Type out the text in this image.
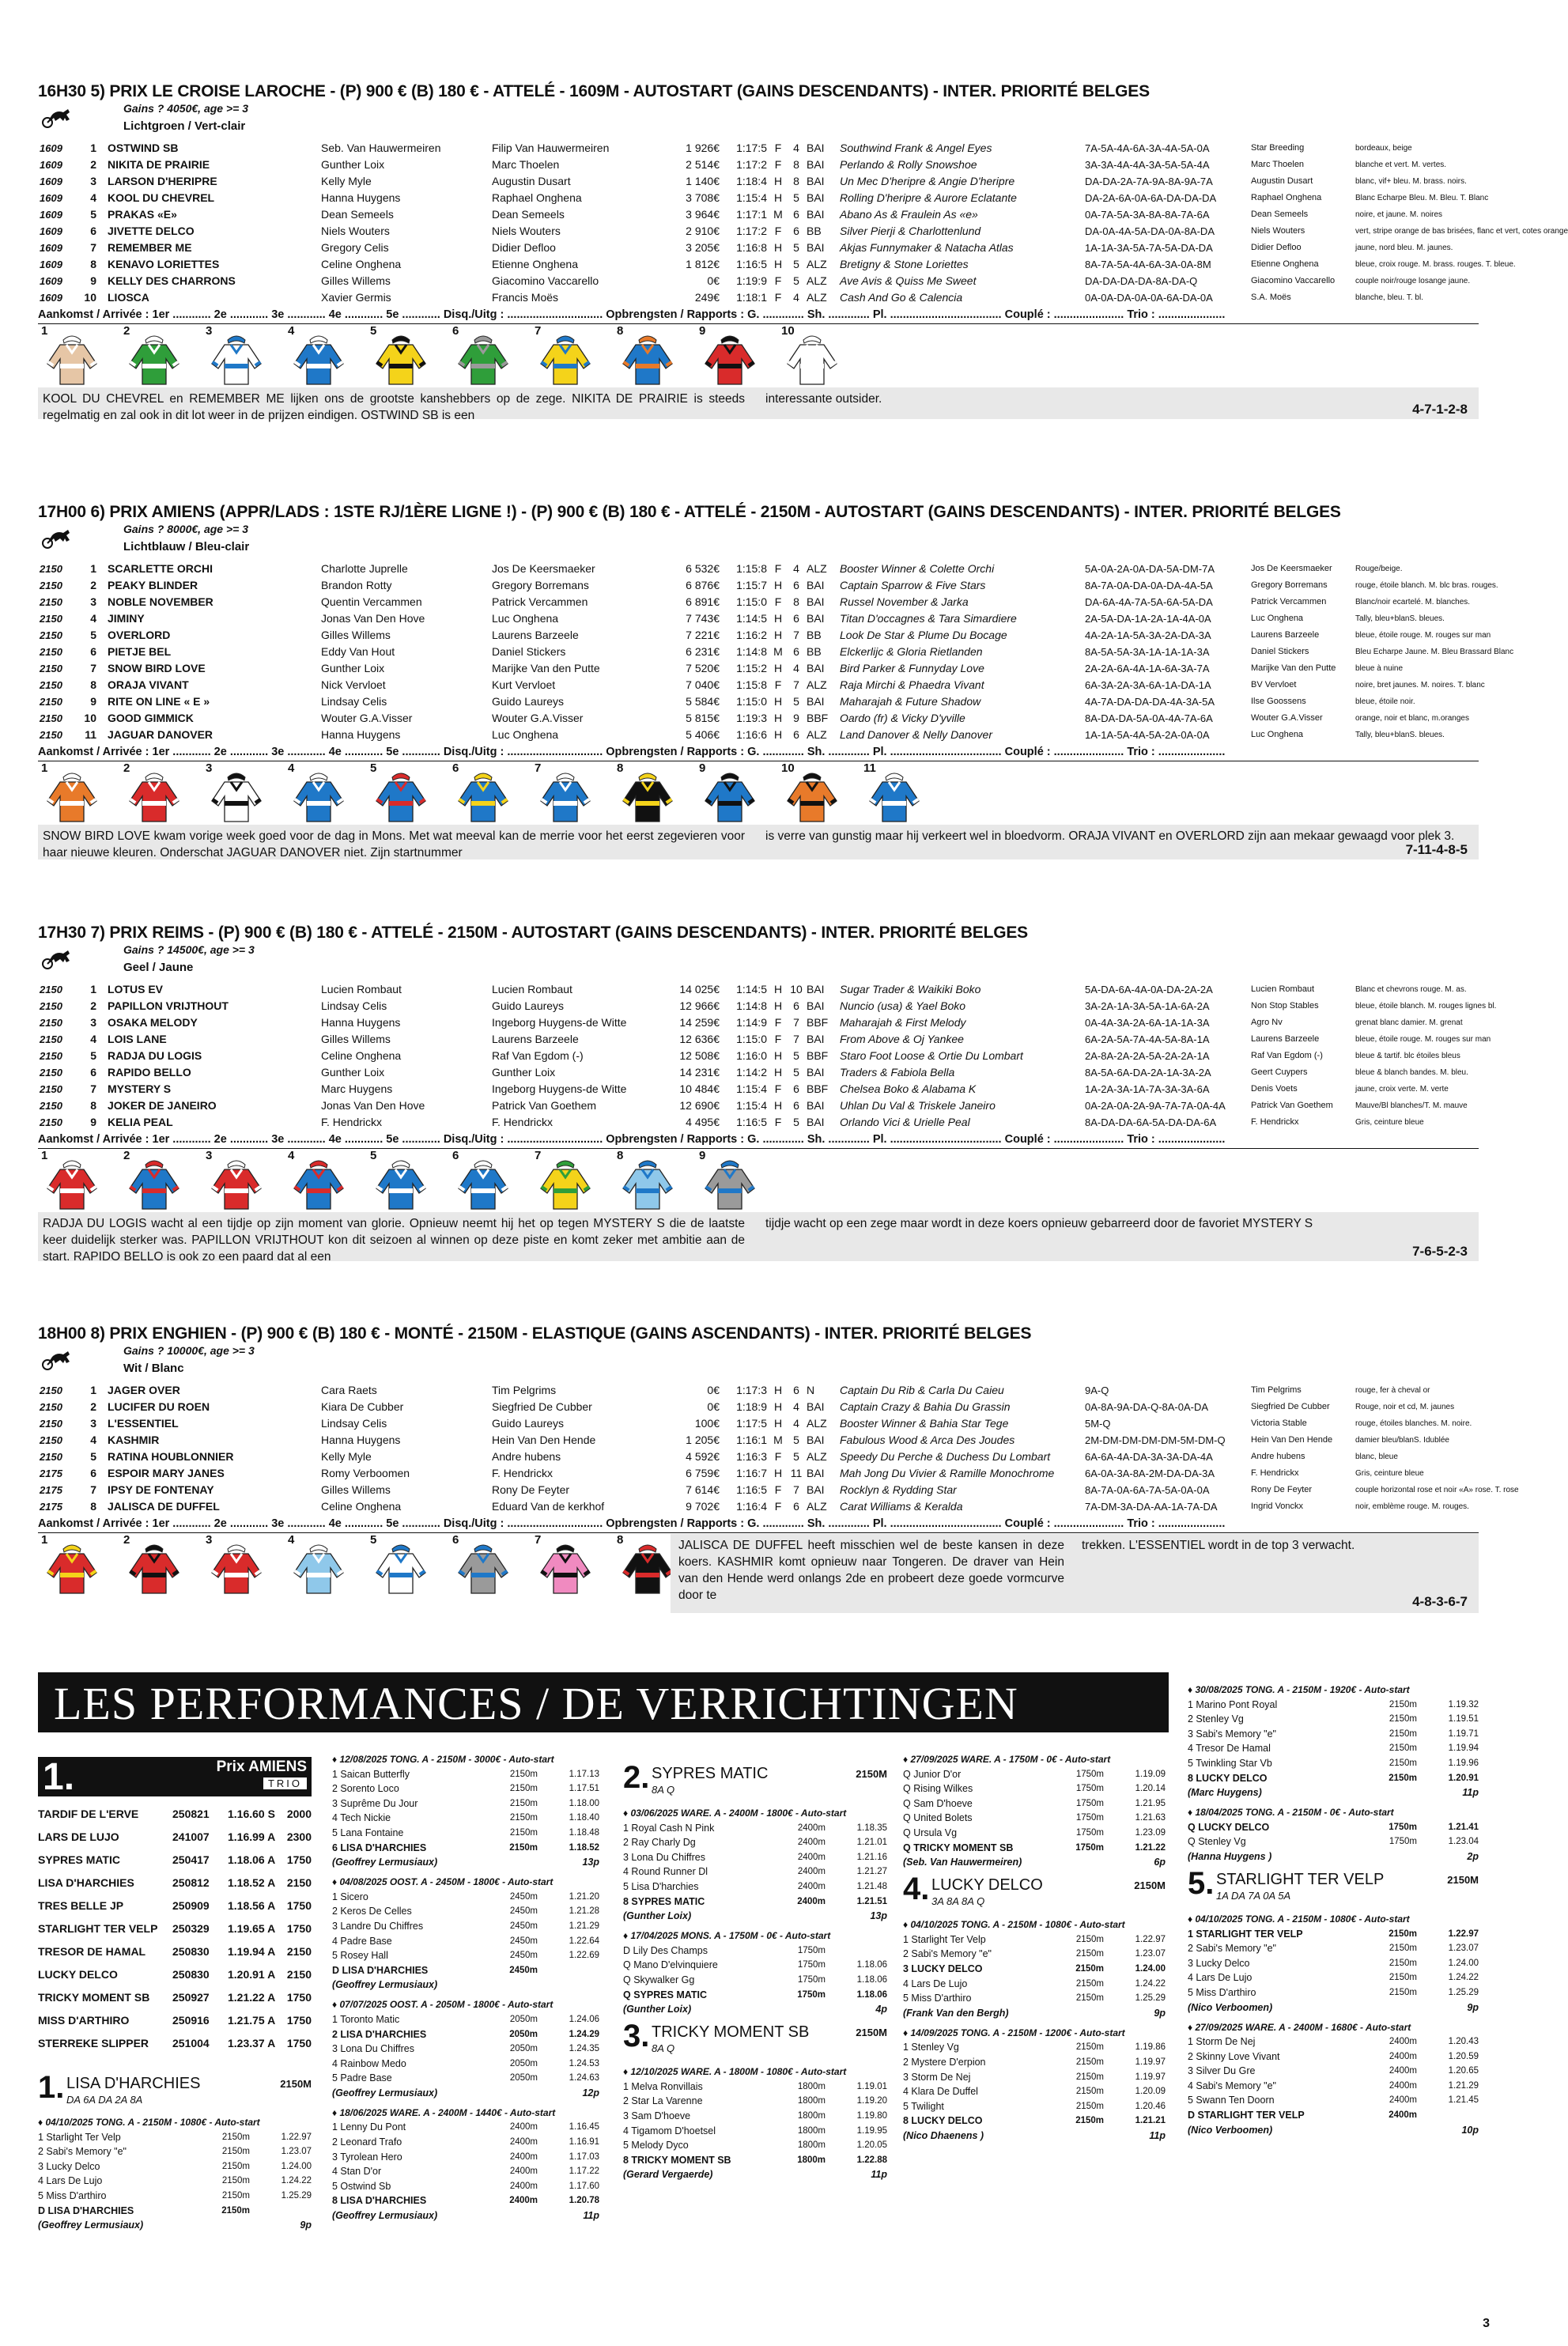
16H30 5) PRIX LE CROISE LAROCHE - (P) 900 € (B) 180 € - ATTELÉ - 1609M - AUTOSTART (GAINS DESCENDANTS) - INTER. PRIORITÉ BELGES
Gains ? 4050€, age >= 3
Lichtgroen / Vert-clair
1609	1	OSTWIND SB	Seb. Van Hauwermeiren	Filip Van Hauwermeiren	1 926€	1:17:5	F	4	BAI	Southwind Frank & Angel Eyes	7A-5A-4A-6A-3A-4A-5A-0A	Star Breeding	bordeaux, beige
1609	2	NIKITA DE PRAIRIE	Gunther Loix	Marc Thoelen	2 514€	1:17:2	F	8	BAI	Perlando & Rolly Snowshoe	3A-3A-4A-4A-3A-5A-5A-4A	Marc Thoelen	blanche et vert. M. vertes.
1609	3	LARSON D'HERIPRE	Kelly Myle	Augustin Dusart	1 140€	1:18:4	H	8	BAI	Un Mec D'heripre & Angie D'heripre	DA-DA-2A-7A-9A-8A-9A-7A	Augustin Dusart	blanc, vif+ bleu. M. brass. noirs.
1609	4	KOOL DU CHEVREL	Hanna Huygens	Raphael Onghena	3 708€	1:15:4	H	5	BAI	Rolling D'heripre & Aurore Eclatante	DA-2A-6A-0A-6A-DA-DA-DA	Raphael Onghena	Blanc Echarpe Bleu. M. Bleu. T. Blanc
1609	5	PRAKAS «E»	Dean Semeels	Dean Semeels	3 964€	1:17:1	M	6	BAI	Abano As & Fraulein As «e»	0A-7A-5A-3A-8A-8A-7A-6A	Dean Semeels	noire, et jaune. M. noires
1609	6	JIVETTE DELCO	Niels Wouters	Niels Wouters	2 910€	1:17:2	F	6	BB	Silver Pierji & Charlottenlund	DA-0A-4A-5A-DA-0A-8A-DA	Niels Wouters	vert, stripe orange de bas brisées, flanc et vert, cotes orange
1609	7	REMEMBER ME	Gregory Celis	Didier Defloo	3 205€	1:16:8	H	5	BAI	Akjas Funnymaker & Natacha Atlas	1A-1A-3A-5A-7A-5A-DA-DA	Didier Defloo	jaune, nord bleu. M. jaunes.
1609	8	KENAVO LORIETTES	Celine Onghena	Etienne Onghena	1 812€	1:16:5	H	5	ALZ	Bretigny & Stone Loriettes	8A-7A-5A-4A-6A-3A-0A-8M	Etienne Onghena	bleue, croix rouge. M. brass. rouges. T. bleue.
1609	9	KELLY DES CHARRONS	Gilles Willems	Giacomino Vaccarello	0€	1:19:9	F	5	ALZ	Ave Avis & Quiss Me Sweet	DA-DA-DA-DA-8A-DA-Q	Giacomino Vaccarello	couple noir/rouge losange jaune.
1609	10	LIOSCA	Xavier Germis	Francis Moës	249€	1:18:1	F	4	ALZ	Cash And Go & Calencia	0A-0A-DA-0A-0A-6A-DA-0A	S.A. Moës	blanche, bleu. T. bl.
Aankomst / Arrivée : 1er ............ 2e ............ 3e ............ 4e ............ 5e ............ Disq./Uitg : .............................. Opbrengsten / Rapports : G. ............. Sh. ............. Pl. ................................... Couplé : ...................... Trio : .....................
1	2	3	4	5	6	7	8	9	10
KOOL DU CHEVREL en REMEMBER ME lijken ons de grootste kanshebbers op de zege. NIKITA DE PRAIRIE is steeds regelmatig en zal ook in dit lot weer in de prijzen eindigen. OSTWIND SB is een
interessante outsider.
4-7-1-2-8
17H00 6) PRIX AMIENS (APPR/LADS : 1STE RJ/1ÈRE LIGNE !) - (P) 900 € (B) 180 € - ATTELÉ - 2150M - AUTOSTART (GAINS DESCENDANTS) - INTER. PRIORITÉ BELGES
Gains ? 8000€, age >= 3
Lichtblauw / Bleu-clair
2150	1	SCARLETTE ORCHI	Charlotte Juprelle	Jos De Keersmaeker	6 532€	1:15:8	F	4	ALZ	Booster Winner & Colette Orchi	5A-0A-2A-0A-DA-5A-DM-7A	Jos De Keersmaeker	Rouge/beige.
2150	2	PEAKY BLINDER	Brandon Rotty	Gregory Borremans	6 876€	1:15:7	H	6	BAI	Captain Sparrow & Five Stars	8A-7A-0A-DA-0A-DA-4A-5A	Gregory Borremans	rouge, étoile blanch. M. blc bras. rouges.
2150	3	NOBLE NOVEMBER	Quentin Vercammen	Patrick Vercammen	6 891€	1:15:0	F	8	BAI	Russel November & Jarka	DA-6A-4A-7A-5A-6A-5A-DA	Patrick Vercammen	Blanc/noir ecartelé. M. blanches.
2150	4	JIMINY	Jonas Van Den Hove	Luc Onghena	7 743€	1:14:5	H	6	BAI	Titan D'occagnes & Tara Simardiere	2A-5A-DA-1A-2A-1A-4A-0A	Luc Onghena	Tally, bleu+blanS. bleues.
2150	5	OVERLORD	Gilles Willems	Laurens Barzeele	7 221€	1:16:2	H	7	BB	Look De Star & Plume Du Bocage	4A-2A-1A-5A-3A-2A-DA-3A	Laurens Barzeele	bleue, étoile rouge. M. rouges sur man
2150	6	PIETJE BEL	Eddy Van Hout	Daniel Stickers	6 231€	1:14:8	M	6	BB	Elckerlijc & Gloria Rietlanden	8A-5A-5A-3A-1A-1A-1A-3A	Daniel Stickers	Bleu Echarpe Jaune. M. Bleu Brassard Blanc
2150	7	SNOW BIRD LOVE	Gunther Loix	Marijke Van den Putte	7 520€	1:15:2	H	4	BAI	Bird Parker & Funnyday Love	2A-2A-6A-4A-1A-6A-3A-7A	Marijke Van den Putte	bleue à nuine
2150	8	ORAJA VIVANT	Nick Vervloet	Kurt Vervloet	7 040€	1:15:8	F	7	ALZ	Raja Mirchi & Phaedra Vivant	6A-3A-2A-3A-6A-1A-DA-1A	BV Vervloet	noire, bret jaunes. M. noires. T. blanc
2150	9	RITE ON LINE « E »	Lindsay Celis	Guido Laureys	5 584€	1:15:0	H	5	BAI	Maharajah & Future Shadow	4A-7A-DA-DA-DA-4A-3A-5A	Ilse Goossens	bleue, étoile noir.
2150	10	GOOD GIMMICK	Wouter G.A.Visser	Wouter G.A.Visser	5 815€	1:19:3	H	9	BBF	Oardo (fr) & Vicky D'yville	8A-DA-DA-5A-0A-4A-7A-6A	Wouter G.A.Visser	orange, noir et blanc, m.oranges
2150	11	JAGUAR DANOVER	Hanna Huygens	Luc Onghena	5 406€	1:16:6	H	6	ALZ	Land Danover & Nelly Danover	1A-1A-5A-4A-5A-2A-0A-0A	Luc Onghena	Tally, bleu+blanS. bleues.
Aankomst / Arrivée : 1er ............ 2e ............ 3e ............ 4e ............ 5e ............ Disq./Uitg : .............................. Opbrengsten / Rapports : G. ............. Sh. ............. Pl. ................................... Couplé : ...................... Trio : .....................
1	2	3	4	5	6	7	8	9	10	11
SNOW BIRD LOVE kwam vorige week goed voor de dag in Mons. Met wat meeval kan de merrie voor het eerst zegevieren voor haar nieuwe kleuren. Onderschat JAGUAR DANOVER niet. Zijn startnummer
is verre van gunstig maar hij verkeert wel in bloedvorm. ORAJA VIVANT en OVERLORD zijn aan mekaar gewaagd voor plek 3.
7-11-4-8-5
17H30 7) PRIX REIMS - (P) 900 € (B) 180 € - ATTELÉ - 2150M - AUTOSTART (GAINS DESCENDANTS) - INTER. PRIORITÉ BELGES
Gains ? 14500€, age >= 3
Geel / Jaune
2150	1	LOTUS EV	Lucien Rombaut	Lucien Rombaut	14 025€	1:14:5	H	10	BAI	Sugar Trader & Waikiki Boko	5A-DA-6A-4A-0A-DA-2A-2A	Lucien Rombaut	Blanc et chevrons rouge. M. as.
2150	2	PAPILLON VRIJTHOUT	Lindsay Celis	Guido Laureys	12 966€	1:14:8	H	6	BAI	Nuncio (usa) & Yael Boko	3A-2A-1A-3A-5A-1A-6A-2A	Non Stop Stables	bleue, étoile blanch. M. rouges lignes bl.
2150	3	OSAKA MELODY	Hanna Huygens	Ingeborg Huygens-de Witte	14 259€	1:14:9	F	7	BBF	Maharajah & First Melody	0A-4A-3A-2A-6A-1A-1A-3A	Agro Nv	grenat blanc damier. M. grenat
2150	4	LOIS LANE	Gilles Willems	Laurens Barzeele	12 636€	1:15:0	F	7	BAI	From Above & Oj Yankee	6A-2A-5A-7A-4A-5A-8A-1A	Laurens Barzeele	bleue, étoile rouge. M. rouges sur man
2150	5	RADJA DU LOGIS	Celine Onghena	Raf Van Egdom (-)	12 508€	1:16:0	H	5	BBF	Staro Foot Loose & Ortie Du Lombart	2A-8A-2A-2A-5A-2A-2A-1A	Raf Van Egdom (-)	bleue & tartif. blc étoiles bleus
2150	6	RAPIDO BELLO	Gunther Loix	Gunther Loix	14 231€	1:14:2	H	5	BAI	Traders & Fabiola Bella	8A-5A-6A-DA-2A-1A-3A-2A	Geert Cuypers	bleue & blanch bandes. M. bleu.
2150	7	MYSTERY S	Marc Huygens	Ingeborg Huygens-de Witte	10 484€	1:15:4	F	6	BBF	Chelsea Boko & Alabama K	1A-2A-3A-1A-7A-3A-3A-6A	Denis Voets	jaune, croix verte. M. verte
2150	8	JOKER DE JANEIRO	Jonas Van Den Hove	Patrick Van Goethem	12 690€	1:15:4	H	6	BAI	Uhlan Du Val & Triskele Janeiro	0A-2A-0A-2A-9A-7A-7A-0A-4A	Patrick Van Goethem	Mauve/Bl blanches/T. M. mauve
2150	9	KELIA PEAL	F. Hendrickx	F. Hendrickx	4 495€	1:16:5	F	5	BAI	Orlando Vici & Urielle Peal	8A-DA-DA-6A-5A-DA-DA-6A	F. Hendrickx	Gris, ceinture bleue
Aankomst / Arrivée : 1er ............ 2e ............ 3e ............ 4e ............ 5e ............ Disq./Uitg : .............................. Opbrengsten / Rapports : G. ............. Sh. ............. Pl. ................................... Couplé : ...................... Trio : .....................
1	2	3	4	5	6	7	8	9
RADJA DU LOGIS wacht al een tijdje op zijn moment van glorie. Opnieuw neemt hij het op tegen MYSTERY S die de laatste keer duidelijk sterker was. PAPILLON VRIJTHOUT kon dit seizoen al winnen op deze piste en komt zeker met ambitie aan de start. RAPIDO BELLO is ook zo een paard dat al een
tijdje wacht op een zege maar wordt in deze koers opnieuw gebarreerd door de favoriet MYSTERY S
7-6-5-2-3
18H00 8) PRIX ENGHIEN - (P) 900 € (B) 180 € - MONTÉ - 2150M - ELASTIQUE (GAINS ASCENDANTS) - INTER. PRIORITÉ BELGES
Gains ? 10000€, age >= 3
Wit / Blanc
2150	1	JAGER OVER	Cara Raets	Tim Pelgrims	0€	1:17:3	H	6	N	Captain Du Rib & Carla Du Caieu	9A-Q	Tim Pelgrims	rouge, fer à cheval or
2150	2	LUCIFER DU ROEN	Kiara De Cubber	Siegfried De Cubber	0€	1:18:9	H	4	BAI	Captain Crazy & Bahia Du Grassin	0A-8A-9A-DA-Q-8A-0A-DA	Siegfried De Cubber	Rouge, noir et cd, M. jaunes
2150	3	L'ESSENTIEL	Lindsay Celis	Guido Laureys	100€	1:17:5	H	4	ALZ	Booster Winner & Bahia Star Tege	5M-Q	Victoria Stable	rouge, étoiles blanches. M. noire.
2150	4	KASHMIR	Hanna Huygens	Hein Van Den Hende	1 205€	1:16:1	M	5	BAI	Fabulous Wood & Arca Des Joudes	2M-DM-DM-DM-DM-5M-DM-Q	Hein Van Den Hende	damier bleu/blanS. Idublée
2150	5	RATINA HOUBLONNIER	Kelly Myle	Andre hubens	4 592€	1:16:3	F	5	ALZ	Speedy Du Perche & Duchess Du Lombart	6A-6A-4A-DA-3A-3A-DA-4A	Andre hubens	blanc, bleue
2175	6	ESPOIR MARY JANES	Romy Verboomen	F. Hendrickx	6 759€	1:16:7	H	11	BAI	Mah Jong Du Vivier & Ramille Monochrome	6A-0A-3A-8A-2M-DA-DA-3A	F. Hendrickx	Gris, ceinture bleue
2175	7	IPSY DE FONTENAY	Gilles Willems	Rony De Feyter	7 614€	1:16:5	F	7	BAI	Rocklyn & Rydding Star	8A-7A-0A-6A-7A-5A-0A-0A	Rony De Feyter	couple horizontal rose et noir «A» rose. T. rose
2175	8	JALISCA DE DUFFEL	Celine Onghena	Eduard Van de kerkhof	9 702€	1:16:4	F	6	ALZ	Carat Williams & Keralda	7A-DM-3A-DA-AA-1A-7A-DA	Ingrid Vonckx	noir, emblème rouge. M. rouges.
Aankomst / Arrivée : 1er ............ 2e ............ 3e ............ 4e ............ 5e ............ Disq./Uitg : .............................. Opbrengsten / Rapports : G. ............. Sh. ............. Pl. ................................... Couplé : ...................... Trio : .....................
1	2	3	4	5	6	7	8	JALISCA DE DUFFEL heeft misschien wel de beste kansen in deze koers. KASHMIR komt opnieuw naar Tongeren. De draver van Hein van den Hende werd onlangs 2de en probeert deze goede vormcurve door te
trekken. L'ESSENTIEL wordt in de top 3 verwacht.
4-8-3-6-7
LES PERFORMANCES / DE VERRICHTINGEN
1.	Prix AMIENS
TRIO
TARDIF DE L'ERVE	250821 1.16.60 S 2000
LARS DE LUJO	241007 1.16.99 A 2300
SYPRES MATIC	250417 1.18.06 A 1750
LISA D'HARCHIES	250812 1.18.52 A 2150
TRES BELLE JP	250909 1.18.56 A 1750
STARLIGHT TER VELP 250329 1.19.65 A 1750
TRESOR DE HAMAL 250830 1.19.94 A 2150
LUCKY DELCO	250830 1.20.91 A 2150
TRICKY MOMENT SB 250927 1.21.22 A 1750
MISS D'ARTHIRO	250916 1.21.75 A 1750
STERREKE SLIPPER 251004 1.23.37 A 1750
1. LISA D'HARCHIES
DA 6A DA 2A 8A
2150M
♦ 04/10/2025 TONG. A - 2150M - 1080€ - Auto-start
1 Starlight Ter Velp	2150m	1.22.97
2 Sabi's Memory "e"	2150m	1.23.07
3 Lucky Delco	2150m	1.24.00
4 Lars De Lujo	2150m	1.24.22
5 Miss D'arthiro	2150m	1.25.29
D LISA D'HARCHIES	2150m
(Geoffrey Lermusiaux)	9p
♦ 12/08/2025 TONG. A - 2150M - 3000€ - Auto-start
1 Saican Butterfly	2150m	1.17.13
2 Sorento Loco	2150m	1.17.51
3 Suprême Du Jour	2150m	1.18.00
4 Tech Nickie	2150m	1.18.40
5 Lana Fontaine	2150m	1.18.48
6 LISA D'HARCHIES	2150m	1.18.52
(Geoffrey Lermusiaux)	13p
♦ 04/08/2025 OOST. A - 2450M - 1800€ - Auto-start
1 Sicero	2450m	1.21.20
2 Keros De Celles	2450m	1.21.28
3 Landre Du Chiffres	2450m	1.21.29
4 Padre Base	2450m	1.22.64
5 Rosey Hall	2450m	1.22.69
D LISA D'HARCHIES	2450m
(Geoffrey Lermusiaux)
♦ 07/07/2025 OOST. A - 2050M - 1800€ - Auto-start
1 Toronto Matic	2050m	1.24.06
2 LISA D'HARCHIES	2050m	1.24.29
3 Lona Du Chiffres	2050m	1.24.35
4 Rainbow Medo	2050m	1.24.53
5 Padre Base	2050m	1.24.63
(Geoffrey Lermusiaux)	12p
♦ 18/06/2025 WARE. A - 2400M - 1440€ - Auto-start
1 Lenny Du Pont	2400m	1.16.45
2 Leonard Trafo	2400m	1.16.91
3 Tyrolean Hero	2400m	1.17.03
4 Stan D'or	2400m	1.17.22
5 Ostwind Sb	2400m	1.17.60
8 LISA D'HARCHIES	2400m	1.20.78
(Geoffrey Lermusiaux)	11p
2. SYPRES MATIC
8A Q
2150M
♦ 03/06/2025 WARE. A - 2400M - 1800€ - Auto-start
1 Royal Cash N Pink	2400m	1.18.35
2 Ray Charly Dg	2400m	1.21.01
3 Lona Du Chiffres	2400m	1.21.16
4 Round Runner Dl	2400m	1.21.27
5 Lisa D'harchies	2400m	1.21.48
8 SYPRES MATIC	2400m	1.21.51
(Gunther Loix)	13p
♦ 17/04/2025 MONS. A - 1750M - 0€ - Auto-start
D Lily Des Champs	1750m
Q Mano D'elvinquiere	1750m	1.18.06
Q Skywalker Gg	1750m	1.18.06
Q SYPRES MATIC	1750m	1.18.06
(Gunther Loix)	4p
♦ 12/10/2025 WARE. A - 1800M - 1080€ - Auto-start
1 Melva Ronvillais	1800m	1.19.01
2 Star La Varenne	1800m	1.19.20
3 Sam D'hoeve	1800m	1.19.80
4 Tigamom D'hoetsel	1800m	1.19.95
5 Melody Dyco	1800m	1.20.05
8 TRICKY MOMENT SB	1800m	1.22.88
(Gerard Vergaerde)	11p
3. TRICKY MOMENT SB
8A Q
2150M
♦ 27/09/2025 WARE. A - 1750M - 0€ - Auto-start
Q Junior D'or	1750m	1.19.09
Q Rising Wilkes	1750m	1.20.14
Q Sam D'hoeve	1750m	1.21.95
Q United Bolets	1750m	1.21.63
Q Ursula Vg	1750m	1.23.09
Q TRICKY MOMENT SB	1750m	1.21.22
(Seb. Van Hauwermeiren)	6p
♦ 04/10/2025 TONG. A - 2150M - 1080€ - Auto-start
1 Starlight Ter Velp	2150m	1.22.97
2 Sabi's Memory "e"	2150m	1.23.07
3 LUCKY DELCO	2150m	1.24.00
4 Lars De Lujo	2150m	1.24.22
5 Miss D'arthiro	2150m	1.25.29
(Frank Van den Bergh)	9p
♦ 14/09/2025 TONG. A - 2150M - 1200€ - Auto-start
1 Stenley Vg	2150m	1.19.86
2 Mystere D'erpion	2150m	1.19.97
3 Storm De Nej	2150m	1.19.97
4 Klara De Duffel	2150m	1.20.09
5 Twilight	2150m	1.20.46
8 LUCKY DELCO	2150m	1.21.21
(Nico Dhaenens )	11p
4. LUCKY DELCO
3A 8A 8A Q
2150M
♦ 30/08/2025 TONG. A - 2150M - 1920€ - Auto-start
1 Marino Pont Royal	2150m	1.19.32
2 Stenley Vg	2150m	1.19.51
3 Sabi's Memory "e"	2150m	1.19.71
4 Tresor De Hamal	2150m	1.19.94
5 Twinkling Star Vb	2150m	1.19.96
8 LUCKY DELCO	2150m	1.20.91
(Marc Huygens)	11p
♦ 18/04/2025 TONG. A - 2150M - 0€ - Auto-start
Q LUCKY DELCO	1750m	1.21.41
Q Stenley Vg	1750m	1.23.04
(Hanna Huygens )	2p
♦ 04/10/2025 TONG. A - 2150M - 1080€ - Auto-start
1 STARLIGHT TER VELP	2150m	1.22.97
2 Sabi's Memory "e"	2150m	1.23.07
3 Lucky Delco	2150m	1.24.00
4 Lars De Lujo	2150m	1.24.22
5 Miss D'arthiro	2150m	1.25.29
(Nico Verboomen)	9p
♦ 27/09/2025 WARE. A - 2400M - 1680€ - Auto-start
1 Storm De Nej	2400m	1.20.43
2 Skinny Love Vivant	2400m	1.20.59
3 Silver Du Gre	2400m	1.20.65
4 Sabi's Memory "e"	2400m	1.21.29
5 Swann Ten Doorn	2400m	1.21.45
D STARLIGHT TER VELP	2400m
(Nico Verboomen)	10p
5. STARLIGHT TER VELP
1A DA 7A 0A 5A
2150M
3
